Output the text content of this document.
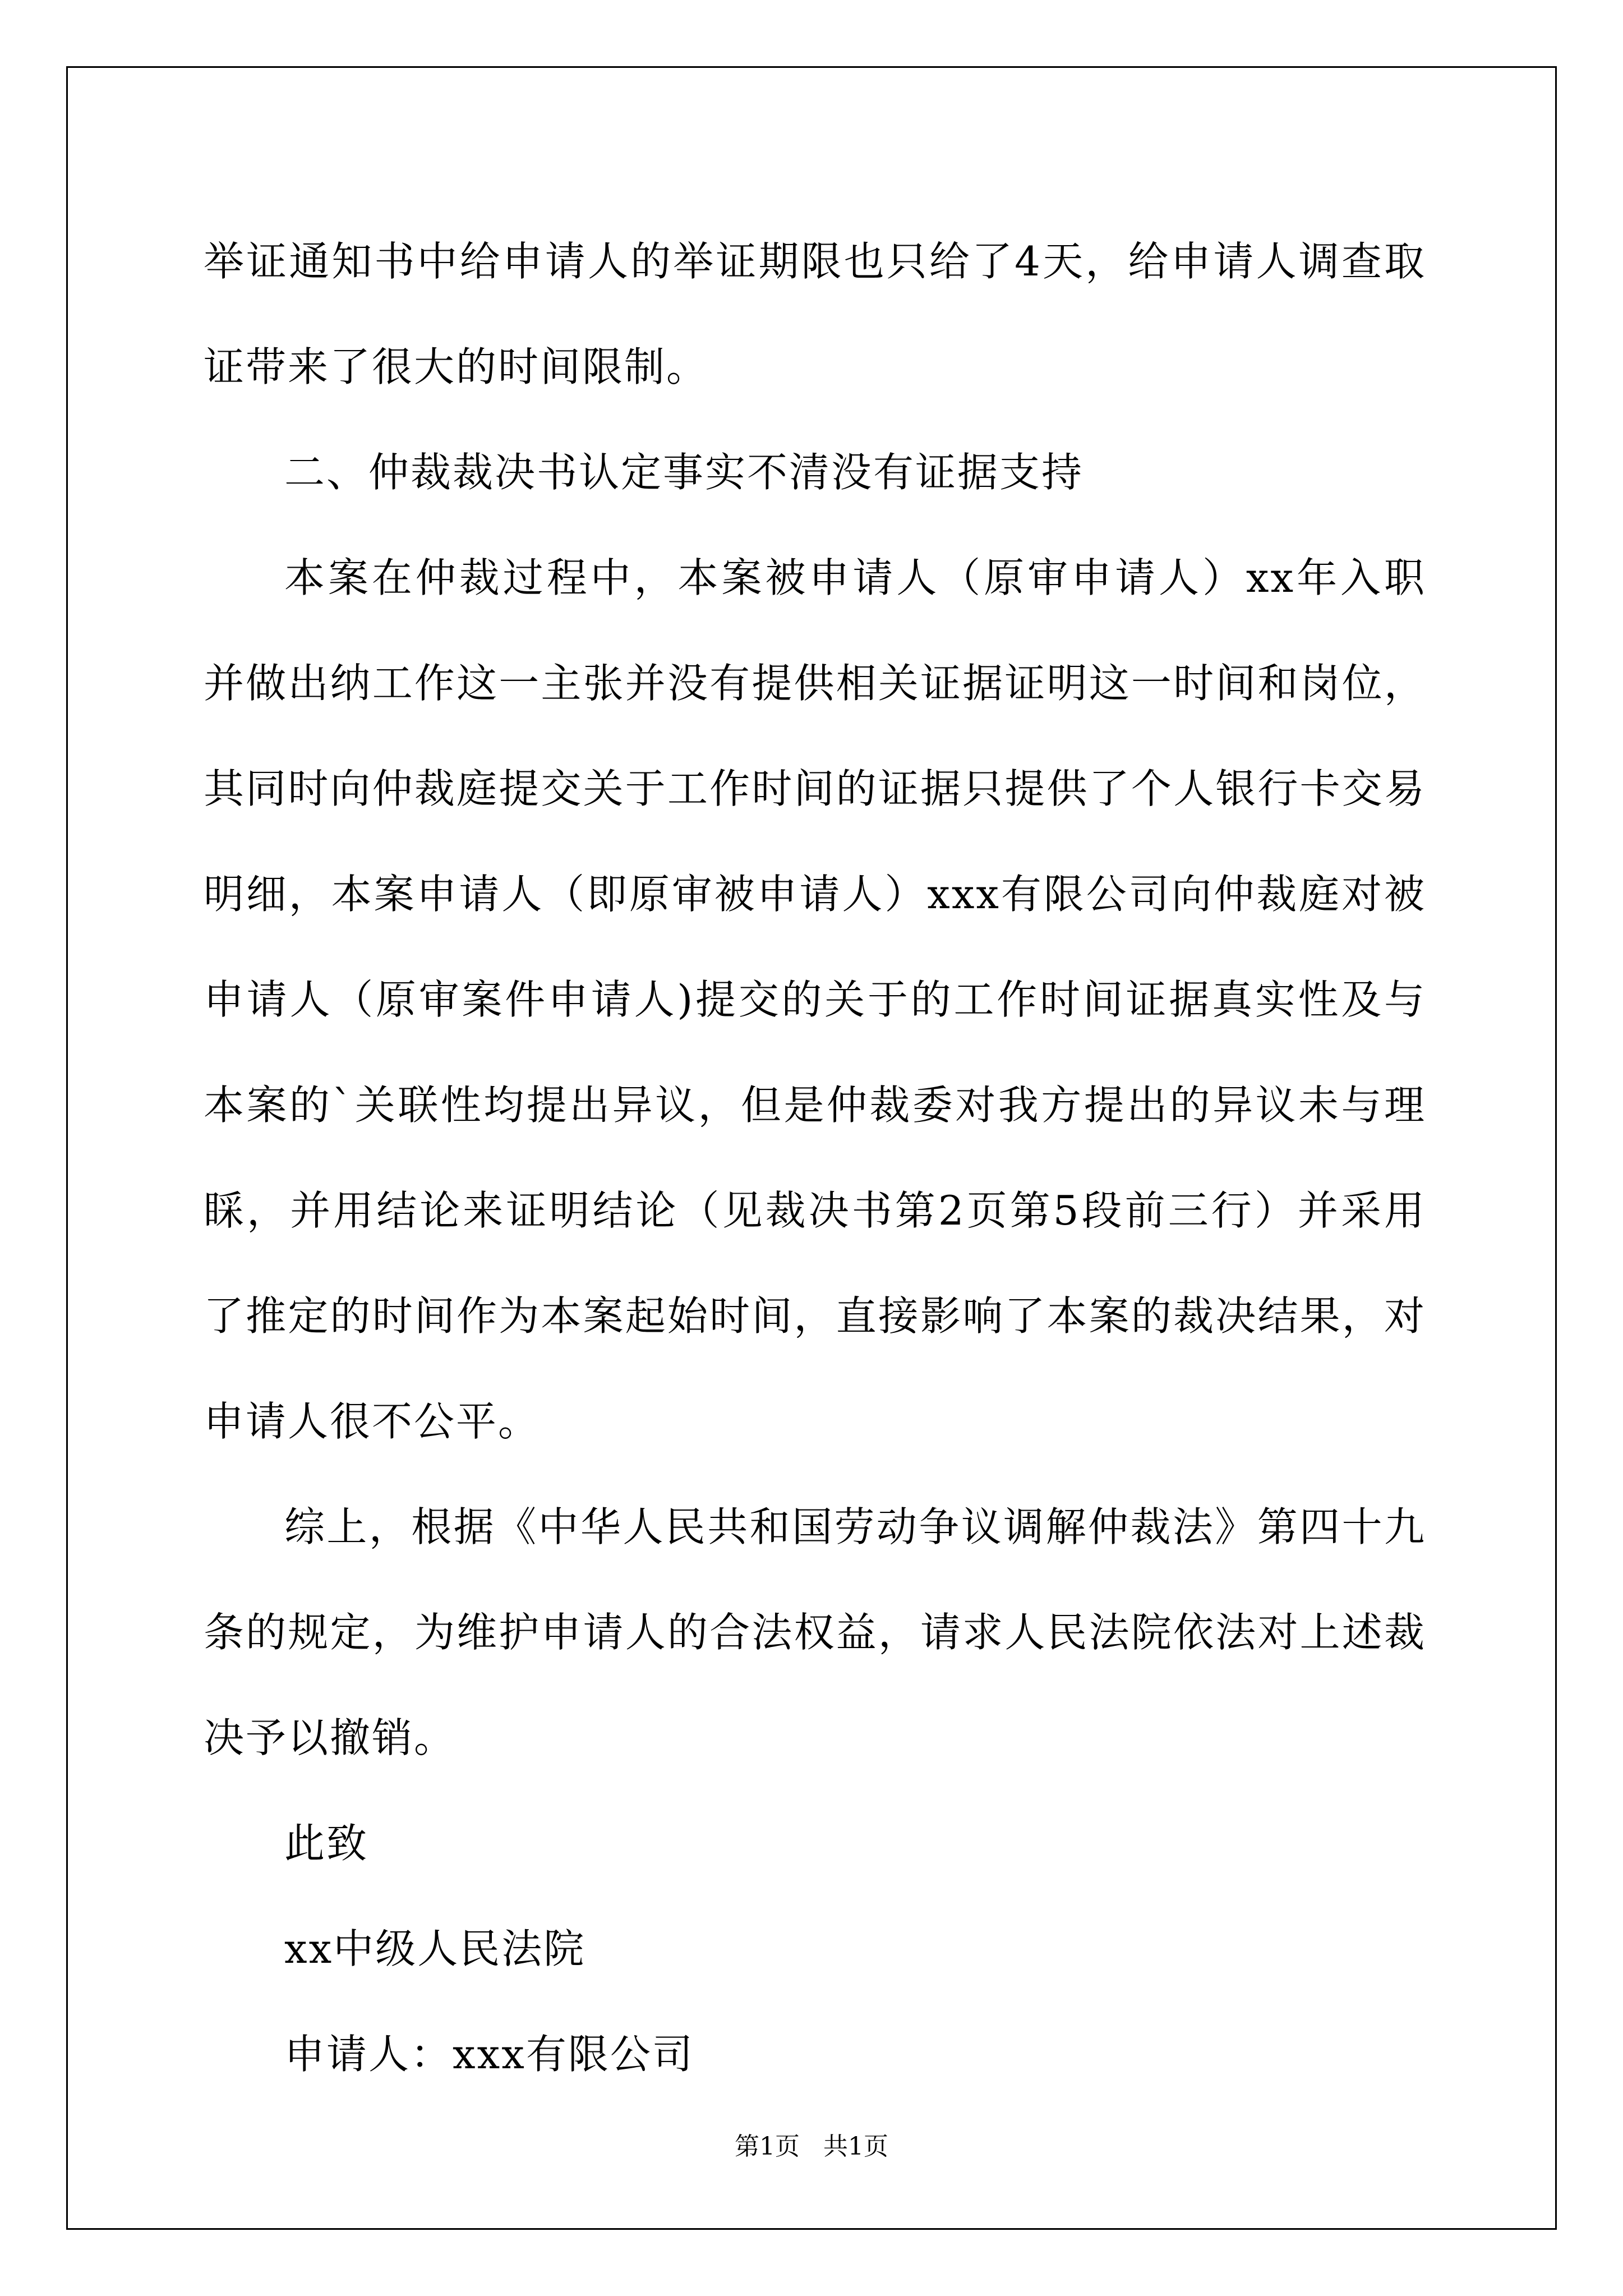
举证通知书中给申请人的举证期限也只给了4天，给申请人调查取证带来了很大的时间限制。

二、仲裁裁决书认定事实不清没有证据支持

本案在仲裁过程中，本案被申请人（原审申请人）xx年入职并做出纳工作这一主张并没有提供相关证据证明这一时间和岗位，其同时向仲裁庭提交关于工作时间的证据只提供了个人银行卡交易明细，本案申请人（即原审被申请人）xxx有限公司向仲裁庭对被申请人（原审案件申请人)提交的关于的工作时间证据真实性及与本案的`关联性均提出异议，但是仲裁委对我方提出的异议未与理睬，并用结论来证明结论（见裁决书第2页第5段前三行）并采用了推定的时间作为本案起始时间，直接影响了本案的裁决结果，对申请人很不公平。

综上，根据《中华人民共和国劳动争议调解仲裁法》第四十九条的规定，为维护申请人的合法权益，请求人民法院依法对上述裁决予以撤销。

此致

xx中级人民法院

申请人：xxx有限公司

第1页   共1页
